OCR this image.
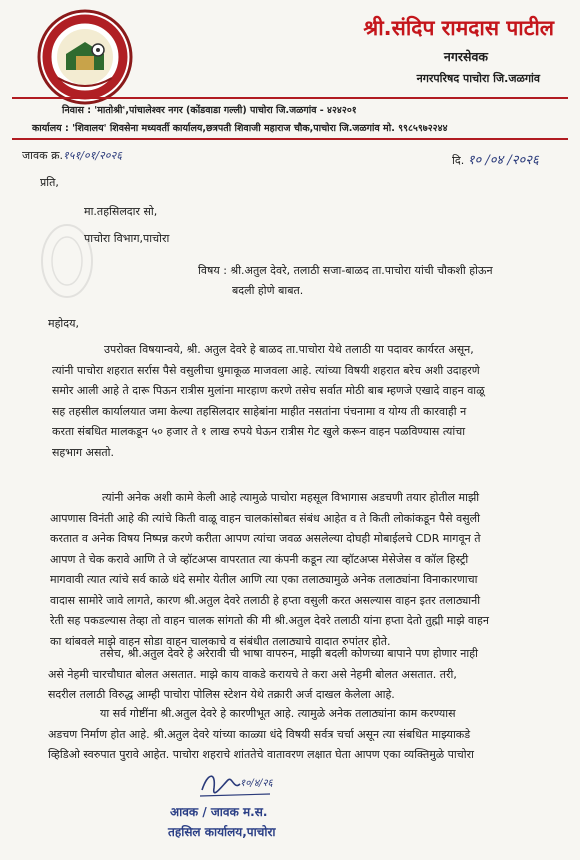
श्री.संदिप रामदास पाटील
नगरसेवक
नगरपरिषद पाचोरा जि.जळगांव
निवास : 'मातोश्री',पांचालेश्वर नगर (कोंडवाडा गल्ली) पाचोरा जि.जळगांव - ४२४२०१
कार्यालय : 'शिवालय' शिवसेना मध्यवर्ती कार्यालय,छत्रपती शिवाजी महाराज चौक,पाचोरा जि.जळगांव मो. ९९८५९७२२४४
जावक क्र.१५१/०१/२०२६	दि. १० /०४ /२०२६
प्रति,
मा.तहसिलदार सो,
पाचोरा विभाग,पाचोरा
विषय : श्री.अतुल देवरे, तलाठी सजा-बाळद ता.पाचोरा यांची चौकशी होऊन
बदली होणे बाबत.
महोदय,
उपरोक्त विषयान्वये, श्री. अतुल देवरे हे बाळद ता.पाचोरा येथे तलाठी या पदावर कार्यरत असून,
त्यांनी पाचोरा शहरात सर्रास पैसे वसुलीचा धुमाकूळ माजवला आहे. त्यांच्या विषयी शहरात बरेच अशी उदाहरणे
समोर आली आहे ते दारू पिऊन रात्रीस मुलांना मारहाण करणे तसेच सर्वात मोठी बाब म्हणजे एखादे वाहन वाळू
सह तहसील कार्यालयात जमा केल्या तहसिलदार साहेबांना माहीत नसतांना पंचनामा व योग्य ती कारवाही न
करता संबधित मालकडून ५० हजार ते १ लाख रुपये घेऊन रात्रीस गेट खुले करून वाहन पळविण्यास त्यांचा
सहभाग असतो.
त्यांनी अनेक अशी कामे केली आहे त्यामुळे पाचोरा महसूल विभागास अडचणी तयार होतील माझी
आपणास विनंती आहे की त्यांचे किती वाळू वाहन चालकांसोबत संबंध आहेत व ते किती लोकांकडून पैसे वसुली
करतात व अनेक विषय निष्पन्न करणे करीता आपण त्यांचा जवळ असलेल्या दोघही मोबाईलचे CDR मागवून ते
आपण ते चेक करावे आणि ते जे व्हॉटअप्स वापरतात त्या कंपनी कडून त्या व्हॉटअप्स मेसेजेस व कॉल हिस्ट्री
मागवावी त्यात त्यांचे सर्व काळे धंदे समोर येतील आणि त्या एका तलाठ्यामुळे अनेक तलाठ्यांना विनाकारणाचा
वादास सामोरे जावे लागते, कारण श्री.अतुल देवरे तलाठी हे हप्ता वसुली करत असल्यास वाहन इतर तलाठ्यानी
रेती सह पकडल्यास तेव्हा तो वाहन चालक सांगतो की मी श्री.अतुल देवरे तलाठी यांना हप्ता देतो तुह्मी माझे वाहन
का थांबवले माझे वाहन सोडा वाहन चालकाचे व संबंधीत तलाठ्याचे वादात रुपांतर होते.
तसेच, श्री.अतुल देवरे हे अरेरावी ची भाषा वापरुन, माझी बदली कोणच्या बापाने पण होणार नाही
असे नेहमी चारचौघात बोलत असतात. माझे काय वाकडे करायचे ते करा असे नेहमी बोलत असतात. तरी,
सदरील तलाठी विरुद्ध आम्ही पाचोरा पोलिस स्टेशन येथे तक्रारी अर्ज दाखल केलेला आहे.
या सर्व गोष्टींना श्री.अतुल देवरे हे कारणीभूत आहे. त्यामुळे अनेक तलाठ्यांना काम करण्यास
अडचण निर्माण होत आहे. श्री.अतुल देवरे यांच्या काळ्या धंदे विषयी सर्वत्र चर्चा असून त्या संबधित माझ्याकडे
व्हिडिओ स्वरुपात पुरावे आहेत. पाचोरा शहराचे शांततेचे वातावरण लक्षात घेता आपण एका व्यक्तिमुळे पाचोरा
१०/४/२६
आवक / जावक म.स.
तहसिल कार्यालय,पाचोरा
